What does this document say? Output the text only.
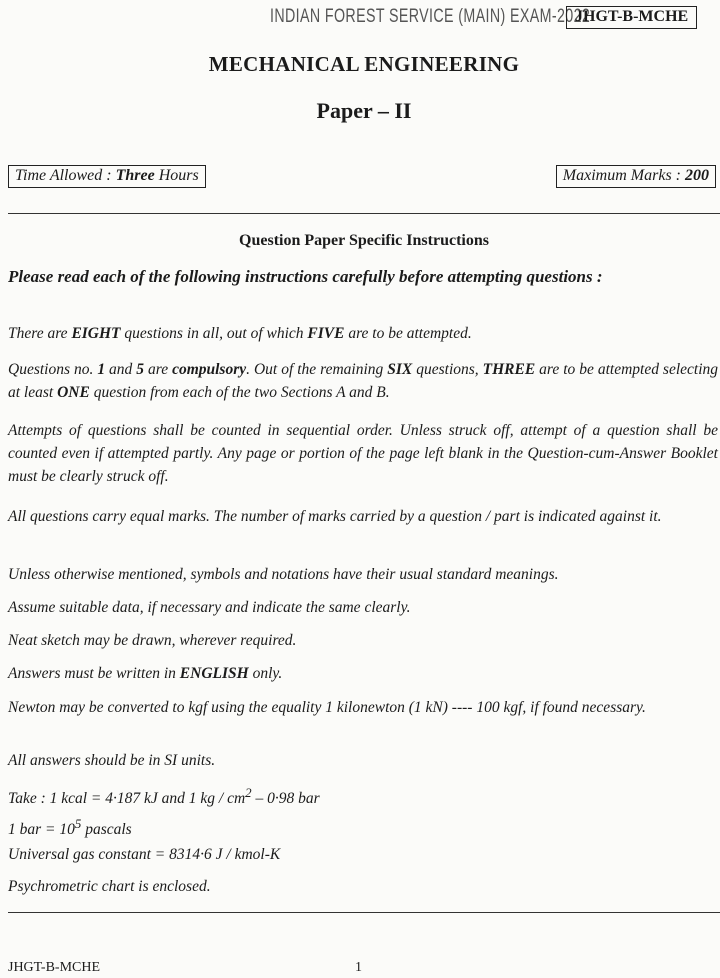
INDIAN FOREST SERVICE (MAIN) EXAM-2022
JHGT-B-MCHE
MECHANICAL ENGINEERING
Paper – II
Time Allowed : Three Hours	Maximum Marks : 200
Question Paper Specific Instructions
Please read each of the following instructions carefully before attempting questions :
There are EIGHT questions in all, out of which FIVE are to be attempted.
Questions no. 1 and 5 are compulsory. Out of the remaining SIX questions, THREE are to be attempted selecting at least ONE question from each of the two Sections A and B.
Attempts of questions shall be counted in sequential order. Unless struck off, attempt of a question shall be counted even if attempted partly. Any page or portion of the page left blank in the Question-cum-Answer Booklet must be clearly struck off.
All questions carry equal marks. The number of marks carried by a question / part is indicated against it.
Unless otherwise mentioned, symbols and notations have their usual standard meanings.
Assume suitable data, if necessary and indicate the same clearly.
Neat sketch may be drawn, wherever required.
Answers must be written in ENGLISH only.
Newton may be converted to kgf using the equality 1 kilonewton (1 kN) ---- 100 kgf, if found necessary.
All answers should be in SI units.
Take : 1 kcal = 4·187 kJ and 1 kg / $cm^2 - 0\cdot 98$ bar
1 bar = $10^5$ pascals
Universal gas constant = 8314·6 J / kmol-K
Psychrometric chart is enclosed.
JHGT-B-MCHE	1
